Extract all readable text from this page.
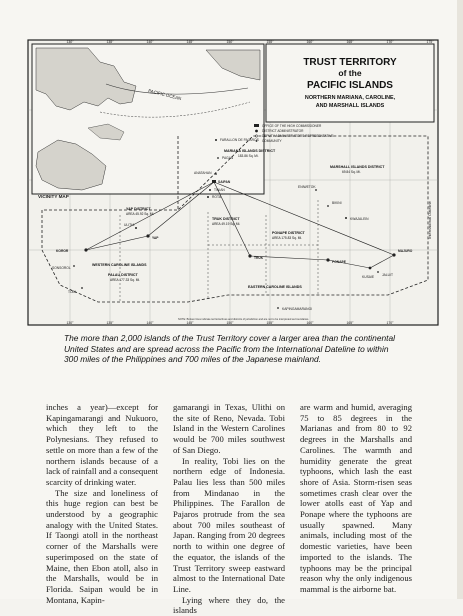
PACIFIC OCEAN
VICINITY MAP
TRUST TERRITORY
of the
PACIFIC ISLANDS
NORTHERN MARIANA, CAROLINE,
AND MARSHALL ISLANDS
OFFICE OF THE HIGH COMMISSIONER
DISTRICT ADMINISTRATOR
DEPUTY ADMINISTRATOR'S REPRESENTATIVE
COMMUNITY
FARALLON DE PAJAROS
PAGAN
ANATAHAN
SAIPAN
TINIAN
ROTA
ULITHI
YAP
TRUK
PONAPE
KUSAIE
KOROR
SONSOROL
TOBI
KAPINGAMARANGI
KWAJALEIN
MAJURO
ENIWETOK
BIKINI
JALUIT
MARIANA ISLANDS DISTRICT
183.86 Sq. Mi.
MARSHALL ISLANDS DISTRICT
69.84 Sq. Mi.
TRUK DISTRICT
AREA 49.19 Sq. Mi.
YAP DISTRICT
AREA 45.92 Sq. Mi.
PONAPE DISTRICT
AREA 175.83 Sq. Mi.
PALAU DISTRICT
AREA 177.33 Sq. Mi.
WESTERN CAROLINE ISLANDS
EASTERN CAROLINE ISLANDS
International Dateline
NOTE: Broken lines indicate territorial lines and districts of jurisdiction and are not to be interpreted as boundaries.
130°	135°	140°	145°	150°	155°	160°	165°	170°	175°
130°	135°	140°	145°	150°	155°	160°	165°	170°
The more than 2,000 islands of the Trust Territory cover a larger area than the continental United States and are spread across the Pacific from the International Dateline to within 300 miles of the Philippines and 700 miles of the Japanese mainland.

inches a year)—except for Kapingamarangi and Nukuoro, which they left to the Polynesians. They refused to settle on more than a few of the northern islands because of a lack of rainfall and a consequent scarcity of drinking water.

The size and loneliness of this huge region can best be understood by a geographic analogy with the United States. If Taongi atoll in the northeast corner of the Marshalls were superimposed on the state of Maine, then Ebon atoll, also in the Marshalls, would be in Florida. Saipan would be in Montana, Kapin-

gamarangi in Texas, Ulithi on the site of Reno, Nevada. Tobi Island in the Western Carolines would be 700 miles southwest of San Diego.

In reality, Tobi lies on the northern edge of Indonesia. Palau lies less than 500 miles from Mindanao in the Philippines. The Farallon de Pajaros protrude from the sea about 700 miles southeast of Japan. Ranging from 20 degrees north to within one degree of the equator, the islands of the Trust Territory sweep eastward almost to the International Date Line.

Lying where they do, the islands

are warm and humid, averaging 75 to 85 degrees in the Marianas and from 80 to 92 degrees in the Marshalls and Carolines. The warmth and humidity generate the great typhoons, which lash the east shore of Asia. Storm-risen seas sometimes crash clear over the lower atolls east of Yap and Ponape where the typhoons are usually spawned. Many animals, including most of the domestic varieties, have been imported to the islands. The typhoons may be the principal reason why the only indigenous mammal is the airborne bat.
